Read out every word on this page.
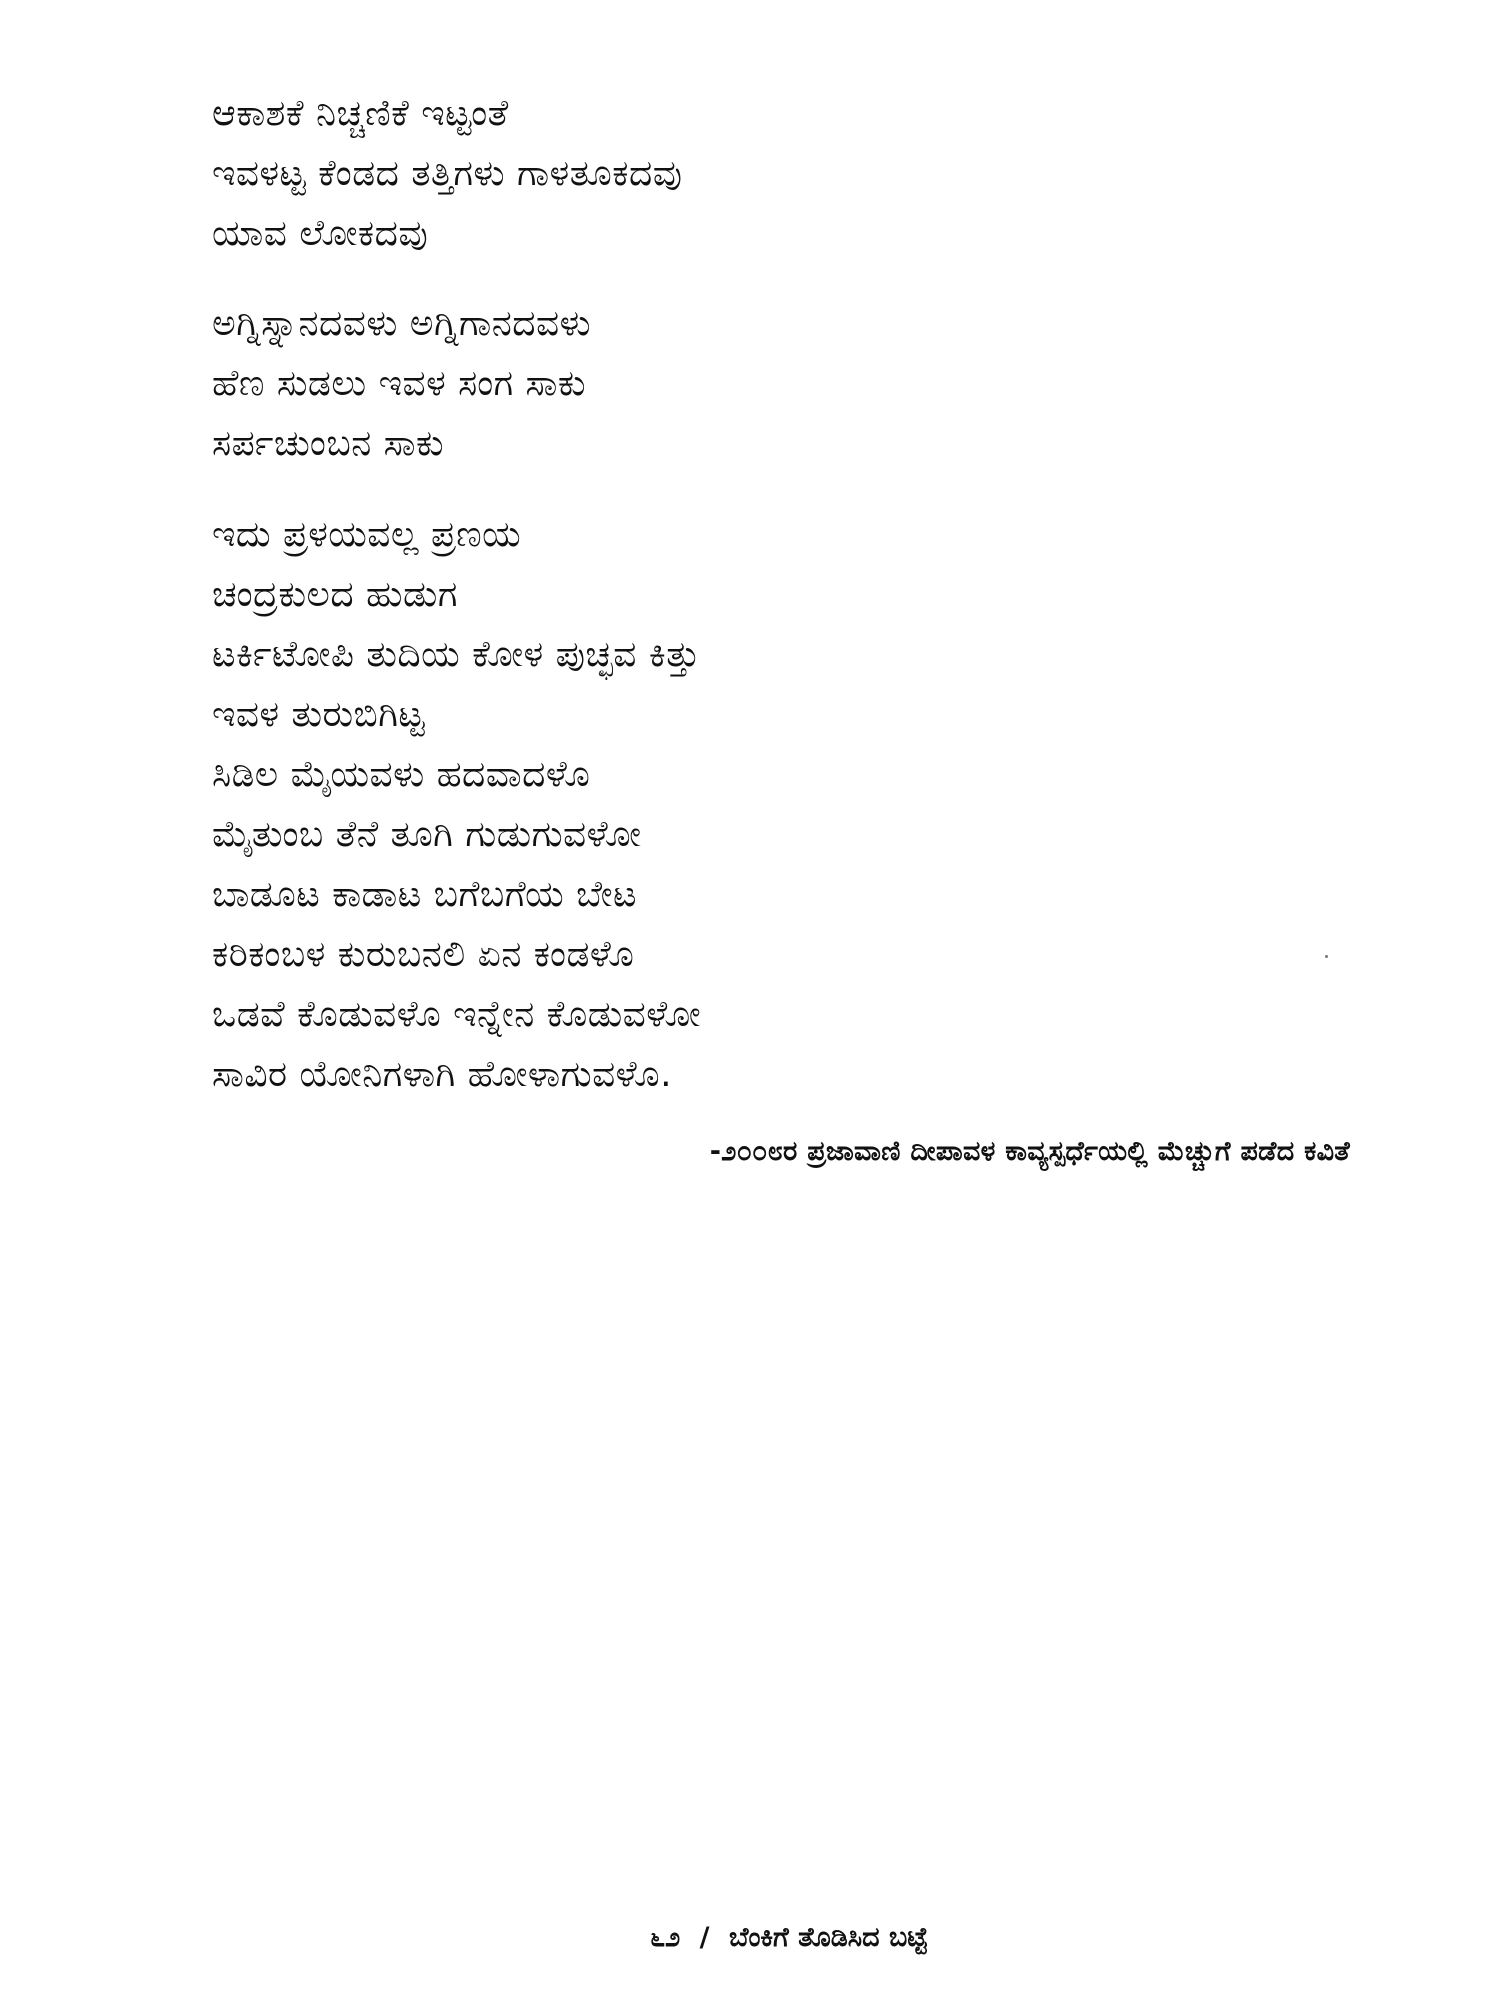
ಆಕಾಶಕೆ ನಿಚ್ಚಣಿಕೆ ಇಟ್ಟಂತೆ
ಇವಳಟ್ಟ ಕೆಂಡದ ತತ್ತಿಗಳು ಗಾಳತೂಕದವು
ಯಾವ ಲೋಕದವು
ಅಗ್ನಿಸ್ನಾನದವಳು ಅಗ್ನಿಗಾನದವಳು
ಹೆಣ ಸುಡಲು ಇವಳ ಸಂಗ ಸಾಕು
ಸರ್ಪಚುಂಬನ ಸಾಕು
ಇದು ಪ್ರಳಯವಲ್ಲ ಪ್ರಣಯ
ಚಂದ್ರಕುಲದ ಹುಡುಗ
ಟರ್ಕಿಟೋಪಿ ತುದಿಯ ಕೋಳ ಪುಚ್ಛವ ಕಿತ್ತು
ಇವಳ ತುರುಬಿಗಿಟ್ಟ
ಸಿಡಿಲ ಮೈಯವಳು ಹದವಾದಳೊ
ಮೈತುಂಬ ತೆನೆ ತೂಗಿ ಗುಡುಗುವಳೋ
ಬಾಡೂಟ ಕಾಡಾಟ ಬಗೆಬಗೆಯ ಬೇಟ
ಕರಿಕಂಬಳ ಕುರುಬನಲಿ ಏನ ಕಂಡಳೊ
ಒಡವೆ ಕೊಡುವಳೊ ಇನ್ನೇನ ಕೊಡುವಳೋ
ಸಾವಿರ ಯೋನಿಗಳಾಗಿ ಹೋಳಾಗುವಳೊ.
-೨೦೦೮ರ ಪ್ರಜಾವಾಣಿ ದೀಪಾವಳ ಕಾವ್ಯಸ್ಪರ್ಧೆಯಲ್ಲಿ ಮೆಚ್ಚುಗೆ ಪಡೆದ ಕವಿತೆ
೬೨ / ಬೆಂಕಿಗೆ ತೊಡಿಸಿದ ಬಟ್ಟೆ
